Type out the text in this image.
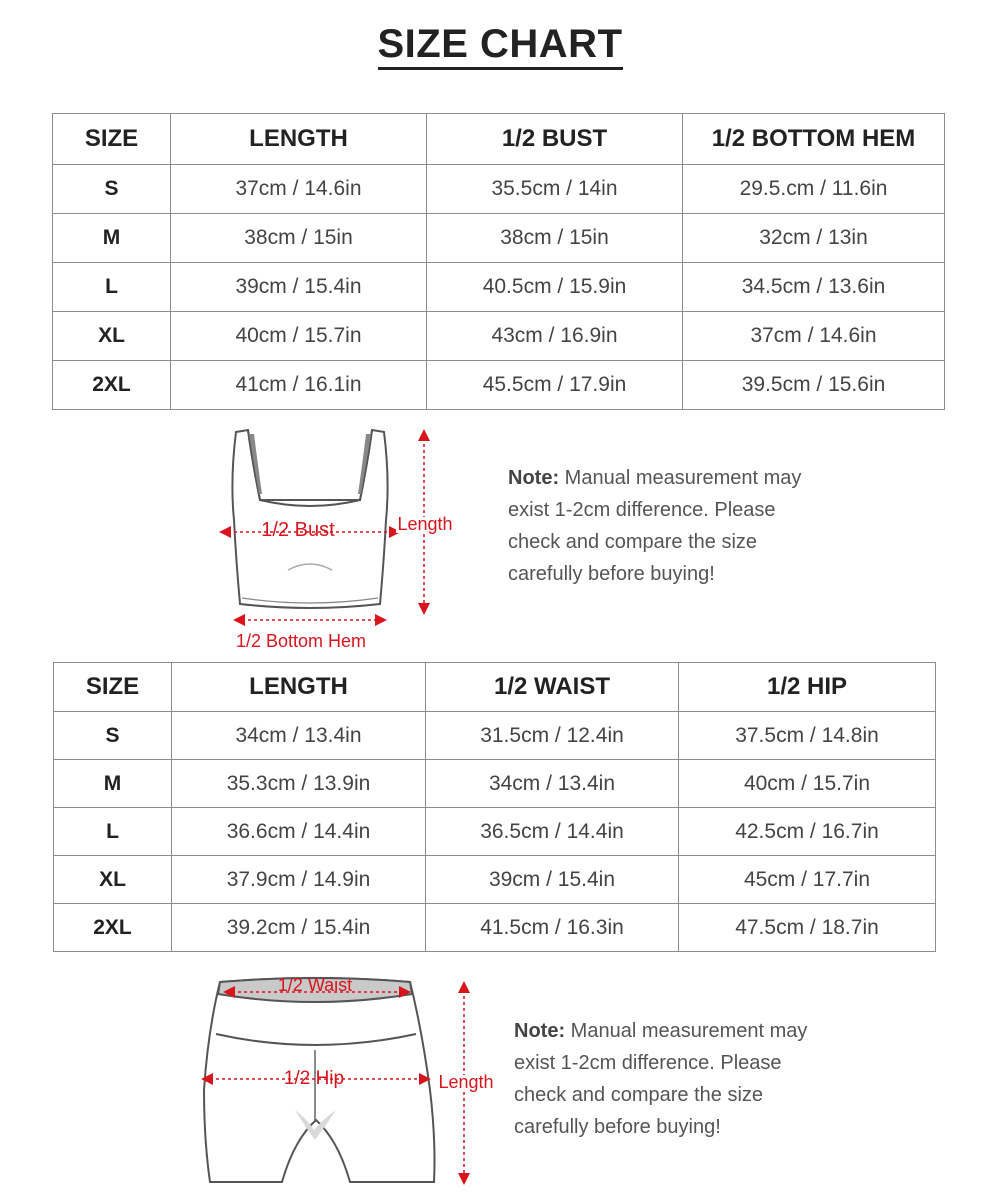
SIZE CHART
SIZE	LENGTH	1/2 BUST	1/2 BOTTOM HEM
S	37cm / 14.6in	35.5cm / 14in	29.5.cm / 11.6in
M	38cm / 15in	38cm / 15in	32cm / 13in
L	39cm / 15.4in	40.5cm / 15.9in	34.5cm / 13.6in
XL	40cm / 15.7in	43cm / 16.9in	37cm / 14.6in
2XL	41cm / 16.1in	45.5cm / 17.9in	39.5cm / 15.6in
1/2 Bust
1/2 Bottom Hem
Length
Note: Manual measurement may exist 1-2cm difference. Please check and compare the size carefully before buying!
SIZE	LENGTH	1/2 WAIST	1/2 HIP
S	34cm / 13.4in	31.5cm / 12.4in	37.5cm / 14.8in
M	35.3cm / 13.9in	34cm / 13.4in	40cm / 15.7in
L	36.6cm / 14.4in	36.5cm / 14.4in	42.5cm / 16.7in
XL	37.9cm / 14.9in	39cm / 15.4in	45cm / 17.7in
2XL	39.2cm / 15.4in	41.5cm / 16.3in	47.5cm / 18.7in
1/2 Waist
1/2 Hip	Length
Note: Manual measurement may exist 1-2cm difference. Please check and compare the size carefully before buying!
